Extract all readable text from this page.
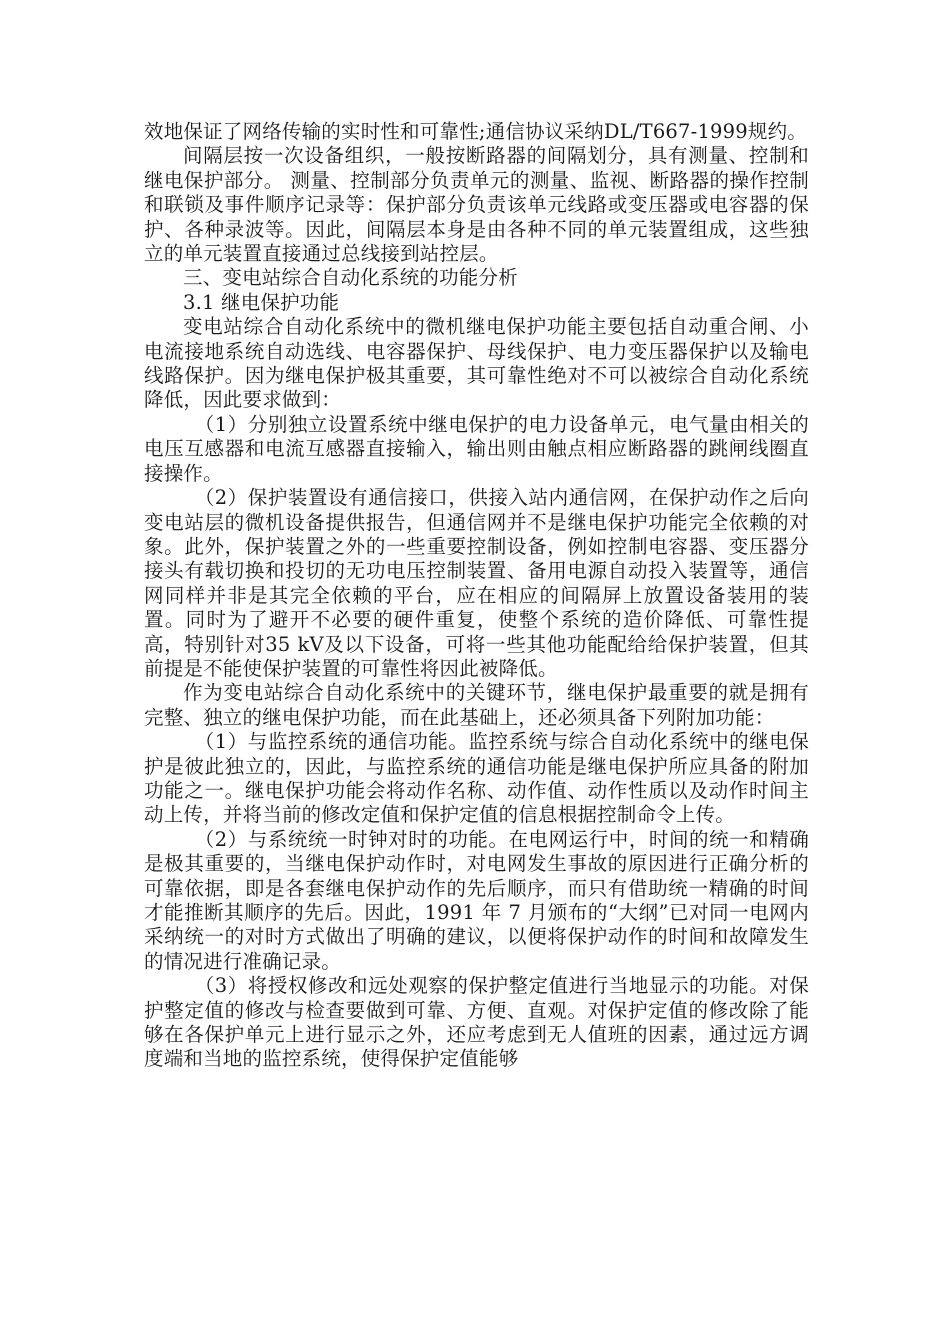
效地保证了网络传输的实时性和可靠性;通信协议采纳DL/T667-1999规约。

间隔层按一次设备组织，一般按断路器的间隔划分，具有测量、控制和继电保护部分。 测量、控制部分负责单元的测量、监视、断路器的操作控制和联锁及事件顺序记录等：保护部分负责该单元线路或变压器或电容器的保护、各种录波等。因此，间隔层本身是由各种不同的单元装置组成，这些独立的单元装置直接通过总线接到站控层。

三、变电站综合自动化系统的功能分析

3.1 继电保护功能

变电站综合自动化系统中的微机继电保护功能主要包括自动重合闸、小电流接地系统自动选线、电容器保护、母线保护、电力变压器保护以及输电线路保护。因为继电保护极其重要，其可靠性绝对不可以被综合自动化系统降低，因此要求做到：

（1）分别独立设置系统中继电保护的电力设备单元，电气量由相关的电压互感器和电流互感器直接输入，输出则由触点相应断路器的跳闸线圈直接操作。

（2）保护装置设有通信接口，供接入站内通信网，在保护动作之后向变电站层的微机设备提供报告，但通信网并不是继电保护功能完全依赖的对象。此外，保护装置之外的一些重要控制设备，例如控制电容器、变压器分接头有载切换和投切的无功电压控制装置、备用电源自动投入装置等，通信网同样并非是其完全依赖的平台，应在相应的间隔屏上放置设备装用的装置。同时为了避开不必要的硬件重复，使整个系统的造价降低、可靠性提高，特别针对35 kV及以下设备，可将一些其他功能配给给保护装置，但其前提是不能使保护装置的可靠性将因此被降低。

作为变电站综合自动化系统中的关键环节，继电保护最重要的就是拥有完整、独立的继电保护功能，而在此基础上，还必须具备下列附加功能：

（1）与监控系统的通信功能。监控系统与综合自动化系统中的继电保护是彼此独立的，因此，与监控系统的通信功能是继电保护所应具备的附加功能之一。继电保护功能会将动作名称、动作值、动作性质以及动作时间主动上传，并将当前的修改定值和保护定值的信息根据控制命令上传。

（2）与系统统一时钟对时的功能。在电网运行中，时间的统一和精确是极其重要的，当继电保护动作时，对电网发生事故的原因进行正确分析的可靠依据，即是各套继电保护动作的先后顺序，而只有借助统一精确的时间才能推断其顺序的先后。因此，1991 年 7 月颁布的“大纲”已对同一电网内采纳统一的对时方式做出了明确的建议，以便将保护动作的时间和故障发生的情况进行准确记录。

（3）将授权修改和远处观察的保护整定值进行当地显示的功能。对保护整定值的修改与检查要做到可靠、方便、直观。对保护定值的修改除了能够在各保护单元上进行显示之外，还应考虑到无人值班的因素，通过远方调度端和当地的监控系统，使得保护定值能够
